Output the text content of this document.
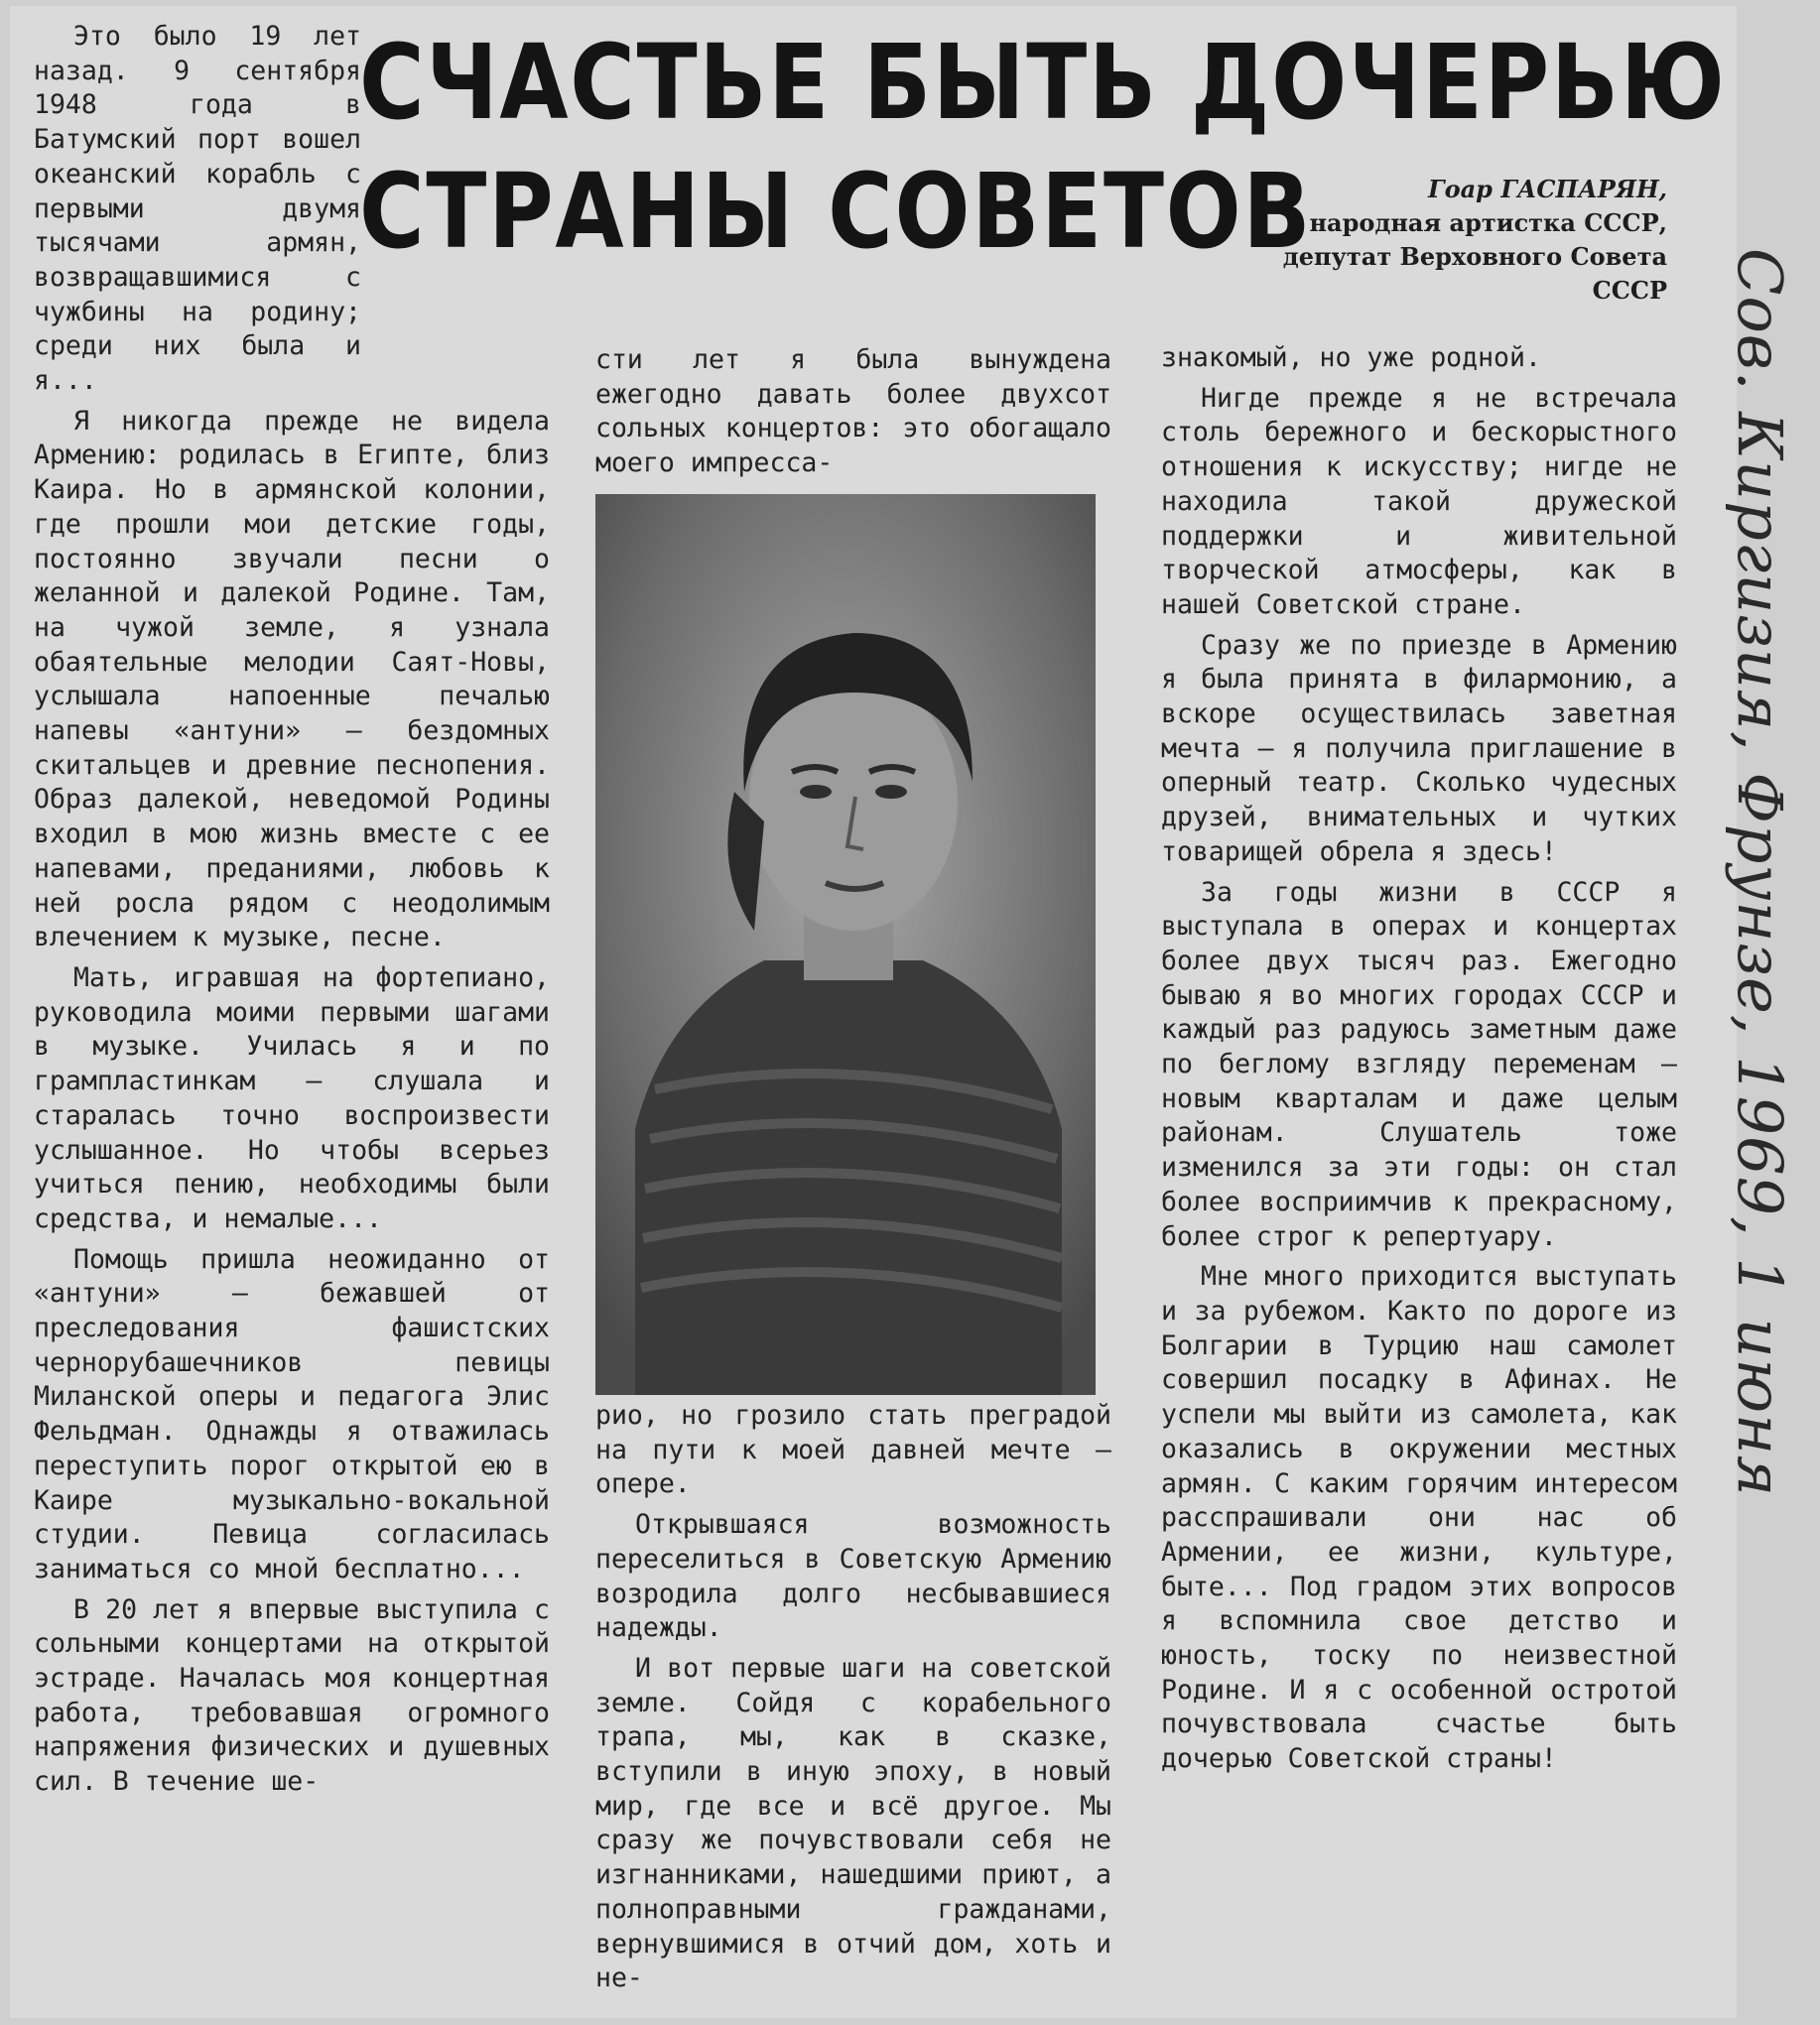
СЧАСТЬЕ БЫТЬ ДОЧЕРЬЮ
СТРАНЫ СОВЕТОВ	Гоар ГАСПАРЯН,
народная артистка СССР,
депутат Верховного Совета
СССР

Это было 19 лет назад. 9 сентября 1948 года в Батумский порт вошел океанский корабль с первыми двумя тысячами армян, возвращавшимися с чужбины на родину; среди них была и я...

Я никогда прежде не видела Армению: родилась в Египте, близ Каира. Но в армянской колонии, где прошли мои детские годы, постоянно звучали песни о желанной и далекой Родине. Там, на чужой земле, я узнала обаятельные мелодии Саят-Новы, услышала напоенные печалью напевы «антуни» — бездомных скитальцев и древние песнопения. Образ далекой, неведомой Родины входил в мою жизнь вместе с ее напевами, преданиями, любовь к ней росла рядом с неодолимым влечением к музыке, песне.

Мать, игравшая на фортепиано, руководила моими первыми шагами в музыке. Училась я и по грампластинкам — слушала и старалась точно воспроизвести услышанное. Но чтобы всерьез учиться пению, необходимы были средства, и немалые...

Помощь пришла неожиданно от «антуни» — бежавшей от преследования фашистских чернорубашечников певицы Миланской оперы и педагога Элис Фельдман. Однажды я отважилась переступить порог открытой ею в Каире музыкально-вокальной студии. Певица согласилась заниматься со мной бесплатно...

В 20 лет я впервые выступила с сольными концертами на открытой эстраде. Началась моя концертная работа, требовавшая огромного напряжения физических и душевных сил. В течение ше-

сти лет я была вынуждена ежегодно давать более двухсот сольных концертов: это обогащало моего импресса-

рио, но грозило стать преградой на пути к моей давней мечте — опере.

Открывшаяся возможность переселиться в Советскую Армению возродила долго несбывавшиеся надежды.

И вот первые шаги на советской земле. Сойдя с корабельного трапа, мы, как в сказке, вступили в иную эпоху, в новый мир, где все и всё другое. Мы сразу же почувствовали себя не изгнанниками, нашедшими приют, а полноправными гражданами, вернувшимися в отчий дом, хоть и не-

знакомый, но уже родной.

Нигде прежде я не встречала столь бережного и бескорыстного отношения к искусству; нигде не находила такой дружеской поддержки и живительной творческой атмосферы, как в нашей Советской стране.

Сразу же по приезде в Армению я была принята в филармонию, а вскоре осуществилась заветная мечта — я получила приглашение в оперный театр. Сколько чудесных друзей, внимательных и чутких товарищей обрела я здесь!

За годы жизни в СССР я выступала в операх и концертах более двух тысяч раз. Ежегодно бываю я во многих городах СССР и каждый раз радуюсь заметным даже по беглому взгляду переменам — новым кварталам и даже целым районам. Слушатель тоже изменился за эти годы: он стал более восприимчив к прекрасному, более строг к репертуару.

Мне много приходится выступать и за рубежом. Както по дороге из Болгарии в Турцию наш самолет совершил посадку в Афинах. Не успели мы выйти из самолета, как оказались в окружении местных армян. С каким горячим интересом расспрашивали они нас об Армении, ее жизни, культуре, быте... Под градом этих вопросов я вспомнила свое детство и юность, тоску по неизвестной Родине. И я с особенной остротой почувствовала счастье быть дочерью Советской страны!

Сов. Киргизия, Фрунзе, 1969, 1 июня
